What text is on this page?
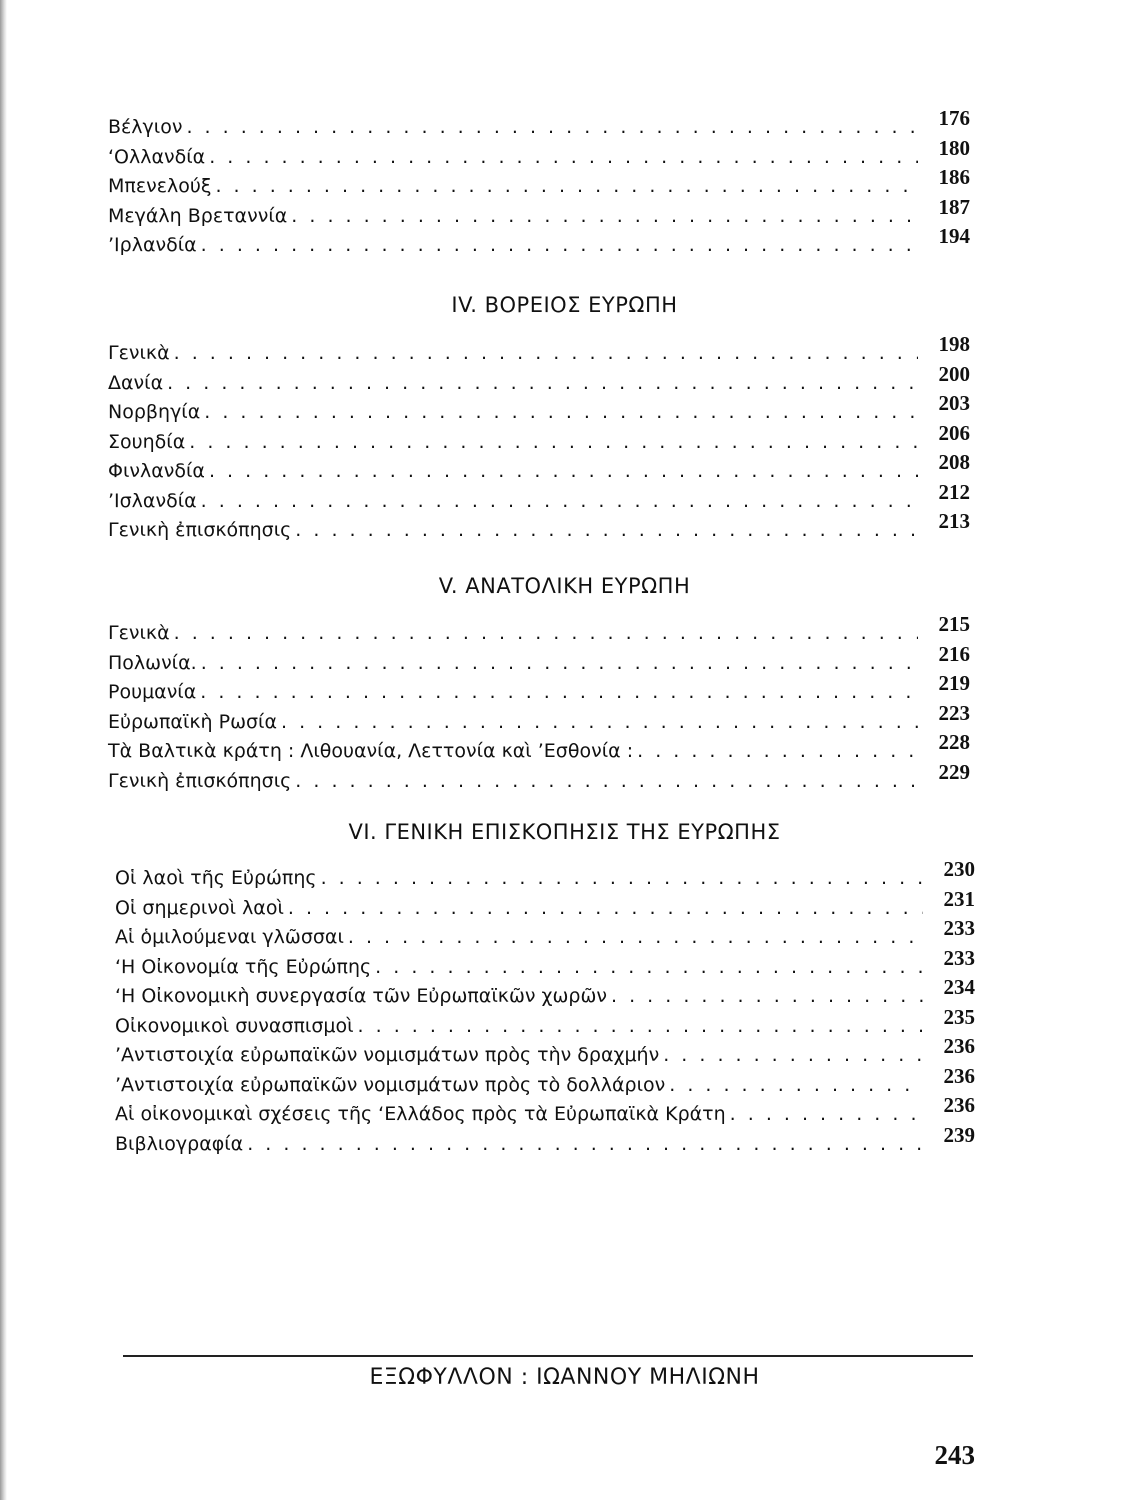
Βέλγιον . . .	176
‘Ολλανδία . . .	180
Μπενελούξ . . .	186
Μεγάλη Βρεταννία . . .	187
’Ιρλανδία . . .	194
IV. ΒΟΡΕΙΟΣ ΕΥΡΩΠΗ
Γενικὰ . . .	198
Δανία . . .	200
Νορβηγία . . .	203
Σουηδία . . .	206
Φινλανδία . . .	208
’Ισλανδία . . .	212
Γενικὴ ἐπισκόπησις . . .	213
V. ΑΝΑΤΟΛΙΚΗ ΕΥΡΩΠΗ
Γενικὰ . . .	215
Πολωνία. . . .	216
Ρουμανία . . .	219
Εὐρωπαϊκὴ Ρωσία . . .	223
Τὰ Βαλτικὰ κράτη : Λιθουανία, Λεττονία καὶ ’Εσθονία : . . .	228
Γενικὴ ἐπισκόπησις . . .	229
VI. ΓΕΝΙΚΗ ΕΠΙΣΚΟΠΗΣΙΣ ΤΗΣ ΕΥΡΩΠΗΣ
Οἱ λαοὶ τῆς Εὐρώπης . . .	230
Οἱ σημερινοὶ λαοὶ . . .	231
Αἱ ὁμιλούμεναι γλῶσσαι . . .	233
‘Η Οἰκονομία τῆς Εὐρώπης . . .	233
‘Η Οἰκονομικὴ συνεργασία τῶν Εὐρωπαϊκῶν χωρῶν . . .	234
Οἰκονομικοὶ συνασπισμοὶ . . .	235
’Αντιστοιχία εὐρωπαϊκῶν νομισμάτων πρὸς τὴν δραχμήν . . .	236
’Αντιστοιχία εὐρωπαϊκῶν νομισμάτων πρὸς τὸ δολλάριον . . .	236
Αἱ οἰκονομικαὶ σχέσεις τῆς ‘Ελλάδος πρὸς τὰ Εὐρωπαϊκὰ Κράτη . . .	236
Βιβλιογραφία . . .	239
ΕΞΩΦΥΛΛΟΝ : ΙΩΑΝΝΟΥ ΜΗΛΙΩΝΗ
243
